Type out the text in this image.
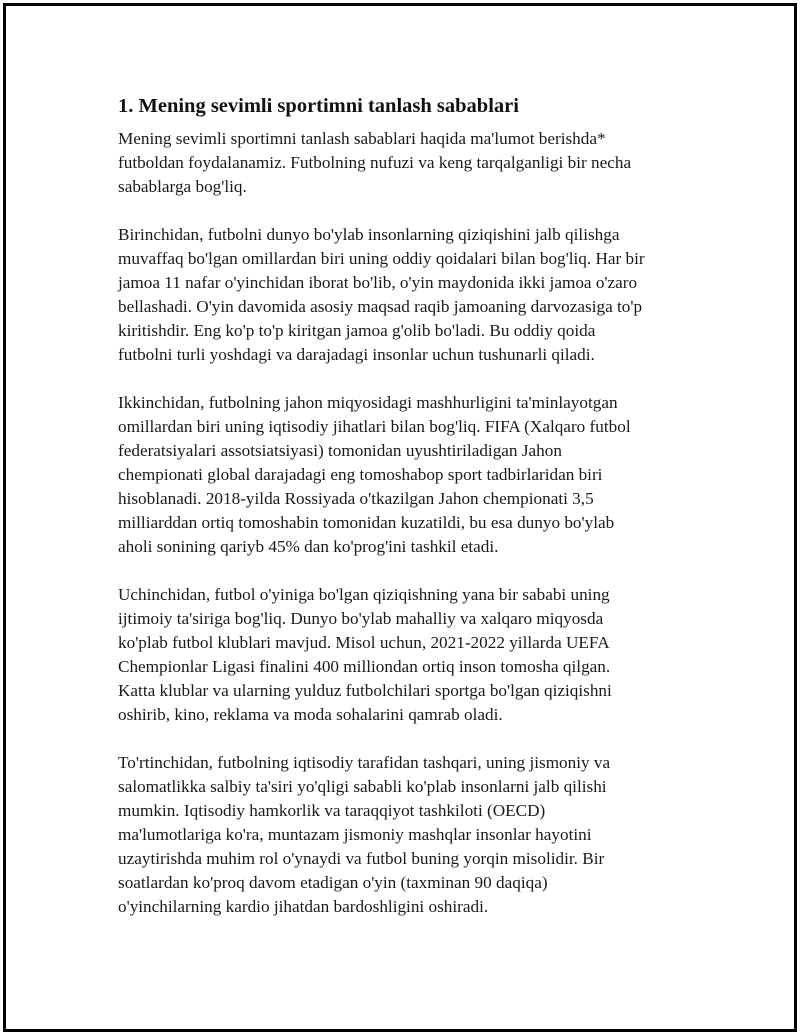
1. Mening sevimli sportimni tanlash sabablari

Mening sevimli sportimni tanlash sabablari haqida ma'lumot berishda*
futboldan foydalanamiz. Futbolning nufuzi va keng tarqalganligi bir necha
sabablarga bog'liq.

Birinchidan, futbolni dunyo bo'ylab insonlarning qiziqishini jalb qilishga
muvaffaq bo'lgan omillardan biri uning oddiy qoidalari bilan bog'liq. Har bir
jamoa 11 nafar o'yinchidan iborat bo'lib, o'yin maydonida ikki jamoa o'zaro
bellashadi. O'yin davomida asosiy maqsad raqib jamoaning darvozasiga to'p
kiritishdir. Eng ko'p to'p kiritgan jamoa g'olib bo'ladi. Bu oddiy qoida
futbolni turli yoshdagi va darajadagi insonlar uchun tushunarli qiladi.

Ikkinchidan, futbolning jahon miqyosidagi mashhurligini ta'minlayotgan
omillardan biri uning iqtisodiy jihatlari bilan bog'liq. FIFA (Xalqaro futbol
federatsiyalari assotsiatsiyasi) tomonidan uyushtiriladigan Jahon
chempionati global darajadagi eng tomoshabop sport tadbirlaridan biri
hisoblanadi. 2018-yilda Rossiyada o'tkazilgan Jahon chempionati 3,5
milliarddan ortiq tomoshabin tomonidan kuzatildi, bu esa dunyo bo'ylab
aholi sonining qariyb 45% dan ko'prog'ini tashkil etadi.

Uchinchidan, futbol o'yiniga bo'lgan qiziqishning yana bir sababi uning
ijtimoiy ta'siriga bog'liq. Dunyo bo'ylab mahalliy va xalqaro miqyosda
ko'plab futbol klublari mavjud. Misol uchun, 2021-2022 yillarda UEFA
Chempionlar Ligasi finalini 400 milliondan ortiq inson tomosha qilgan.
Katta klublar va ularning yulduz futbolchilari sportga bo'lgan qiziqishni
oshirib, kino, reklama va moda sohalarini qamrab oladi.

To'rtinchidan, futbolning iqtisodiy tarafidan tashqari, uning jismoniy va
salomatlikka salbiy ta'siri yo'qligi sababli ko'plab insonlarni jalb qilishi
mumkin. Iqtisodiy hamkorlik va taraqqiyot tashkiloti (OECD)
ma'lumotlariga ko'ra, muntazam jismoniy mashqlar insonlar hayotini
uzaytirishda muhim rol o'ynaydi va futbol buning yorqin misolidir. Bir
soatlardan ko'proq davom etadigan o'yin (taxminan 90 daqiqa)
o'yinchilarning kardio jihatdan bardoshligini oshiradi.
